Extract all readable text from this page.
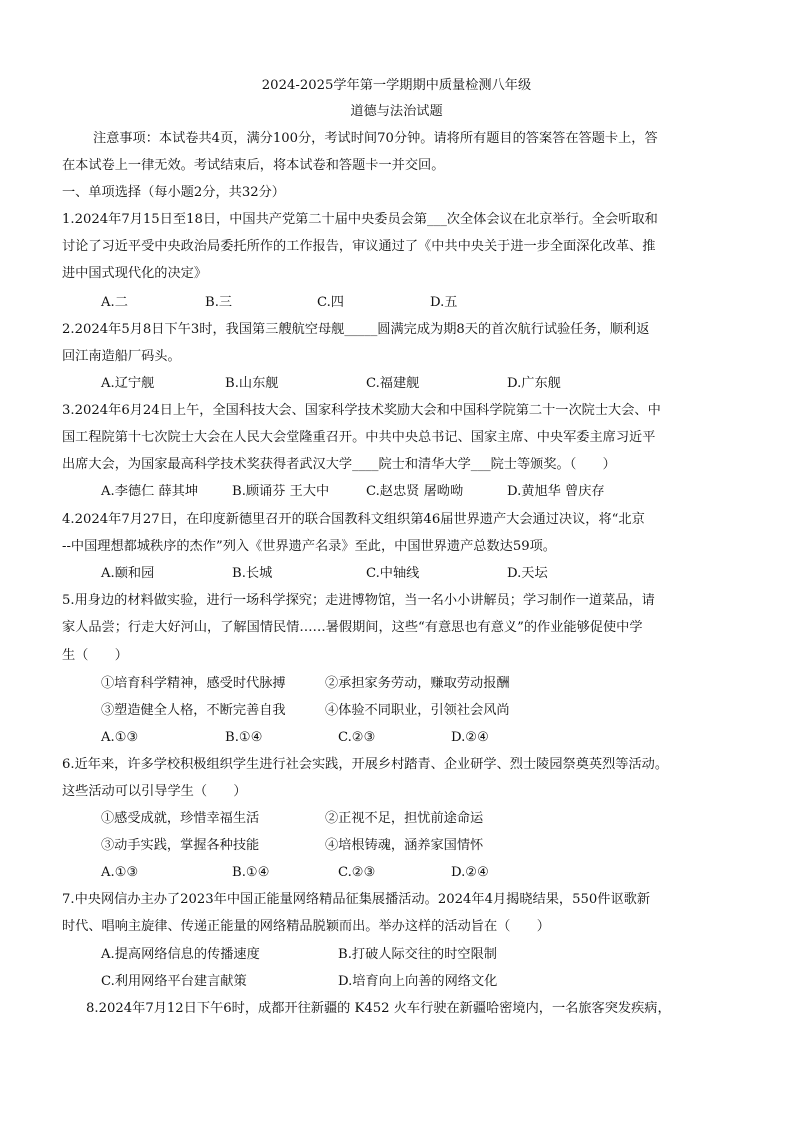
2024-2025学年第一学期期中质量检测八年级
道德与法治试题
注意事项：本试卷共4页，满分100分，考试时间70分钟。请将所有题目的答案答在答题卡上，答
在本试卷上一律无效。考试结束后，将本试卷和答题卡一并交回。
一、单项选择（每小题2分，共32分）
1.2024年7月15日至18日，中国共产党第二十届中央委员会第___次全体会议在北京举行。全会听取和
讨论了习近平受中央政治局委托所作的工作报告，审议通过了《中共中央关于进一步全面深化改革、推
进中国式现代化的决定》
A.二	B.三	C.四	D.五
2.2024年5月8日下午3时，我国第三艘航空母舰_____圆满完成为期8天的首次航行试验任务，顺利返
回江南造船厂码头。
A.辽宁舰	B.山东舰	C.福建舰	D.广东舰
3.2024年6月24日上午，全国科技大会、国家科学技术奖励大会和中国科学院第二十一次院士大会、中
国工程院第十七次院士大会在人民大会堂隆重召开。中共中央总书记、国家主席、中央军委主席习近平
出席大会，为国家最高科学技术奖获得者武汉大学____院士和清华大学___院士等颁奖。（　　）
A.李德仁 薛其坤	B.顾诵芬 王大中	C.赵忠贤 屠呦呦	D.黄旭华 曾庆存
4.2024年7月27日，在印度新德里召开的联合国教科文组织第46届世界遗产大会通过决议，将“北京
--中国理想都城秩序的杰作”列入《世界遗产名录》至此，中国世界遗产总数达59项。
A.颐和园	B.长城	C.中轴线	D.天坛
5.用身边的材料做实验，进行一场科学探究；走进博物馆，当一名小小讲解员；学习制作一道菜品，请
家人品尝；行走大好河山，了解国情民情……暑假期间，这些“有意思也有意义”的作业能够促使中学
生（　　）
①培育科学精神，感受时代脉搏	②承担家务劳动，赚取劳动报酬
③塑造健全人格，不断完善自我	④体验不同职业，引领社会风尚
A.①③	B.①④	C.②③	D.②④
6.近年来，许多学校积极组织学生进行社会实践，开展乡村踏青、企业研学、烈士陵园祭奠英烈等活动。
这些活动可以引导学生（　　）
①感受成就，珍惜幸福生活	②正视不足，担忧前途命运
③动手实践，掌握各种技能	④培根铸魂，涵养家国情怀
A.①③	B.①④	C.②③	D.②④
7.中央网信办主办了2023年中国正能量网络精品征集展播活动。2024年4月揭晓结果，550件讴歌新
时代、唱响主旋律、传递正能量的网络精品脱颖而出。举办这样的活动旨在（　　）
A.提高网络信息的传播速度	B.打破人际交往的时空限制
C.利用网络平台建言献策	D.培育向上向善的网络文化
8.2024年7月12日下午6时，成都开往新疆的 K452 火车行驶在新疆哈密境内，一名旅客突发疾病，
